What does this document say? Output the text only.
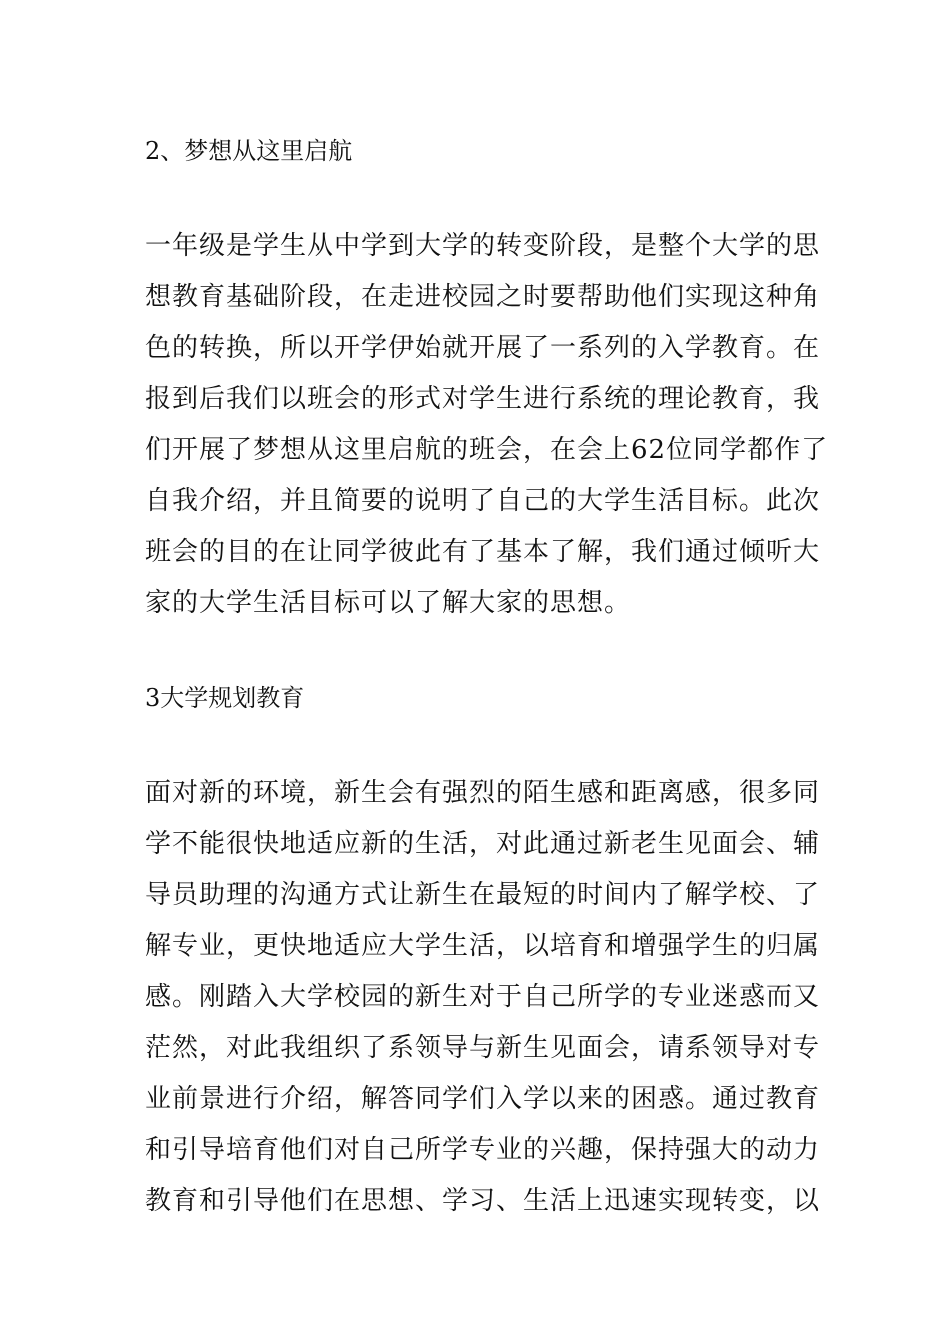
2、梦想从这里启航
一年级是学生从中学到大学的转变阶段，是整个大学的思
想教育基础阶段，在走进校园之时要帮助他们实现这种角
色的转换，所以开学伊始就开展了一系列的入学教育。在
报到后我们以班会的形式对学生进行系统的理论教育，我
们开展了梦想从这里启航的班会，在会上62位同学都作了
自我介绍，并且简要的说明了自己的大学生活目标。此次
班会的目的在让同学彼此有了基本了解，我们通过倾听大
家的大学生活目标可以了解大家的思想。
3大学规划教育
面对新的环境，新生会有强烈的陌生感和距离感，很多同
学不能很快地适应新的生活，对此通过新老生见面会、辅
导员助理的沟通方式让新生在最短的时间内了解学校、了
解专业，更快地适应大学生活，以培育和增强学生的归属
感。刚踏入大学校园的新生对于自己所学的专业迷惑而又
茫然，对此我组织了系领导与新生见面会，请系领导对专
业前景进行介绍，解答同学们入学以来的困惑。通过教育
和引导培育他们对自己所学专业的兴趣，保持强大的动力
教育和引导他们在思想、学习、生活上迅速实现转变，以
